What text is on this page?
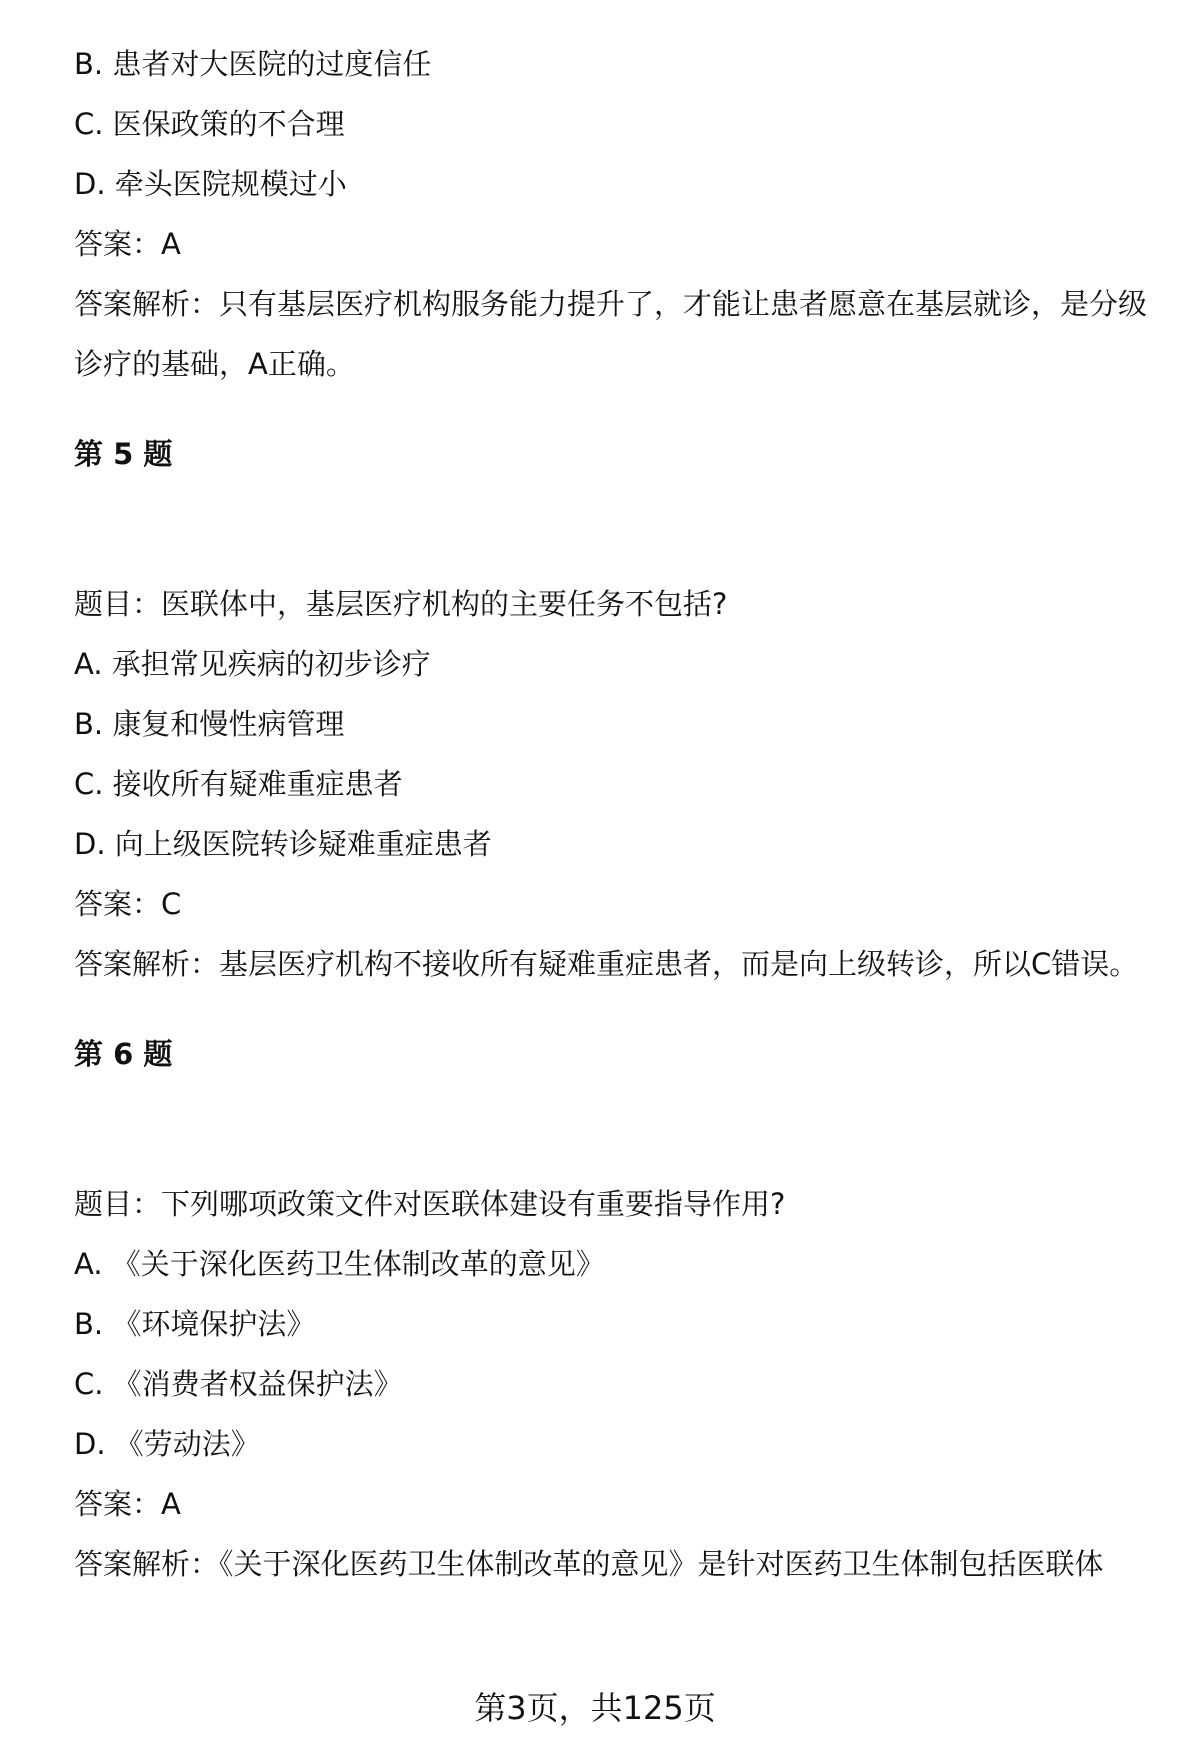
B. 患者对大医院的过度信任
C. 医保政策的不合理
D. 牵头医院规模过小
答案：A
答案解析：只有基层医疗机构服务能力提升了，才能让患者愿意在基层就诊，是分级诊疗的基础，A正确。
第 5 题
题目：医联体中，基层医疗机构的主要任务不包括?
A. 承担常见疾病的初步诊疗
B. 康复和慢性病管理
C. 接收所有疑难重症患者
D. 向上级医院转诊疑难重症患者
答案：C
答案解析：基层医疗机构不接收所有疑难重症患者，而是向上级转诊，所以C错误。
第 6 题
题目：下列哪项政策文件对医联体建设有重要指导作用?
A. 《关于深化医药卫生体制改革的意见》
B. 《环境保护法》
C. 《消费者权益保护法》
D. 《劳动法》
答案：A
答案解析：《关于深化医药卫生体制改革的意见》是针对医药卫生体制包括医联体
第3页，共125页
